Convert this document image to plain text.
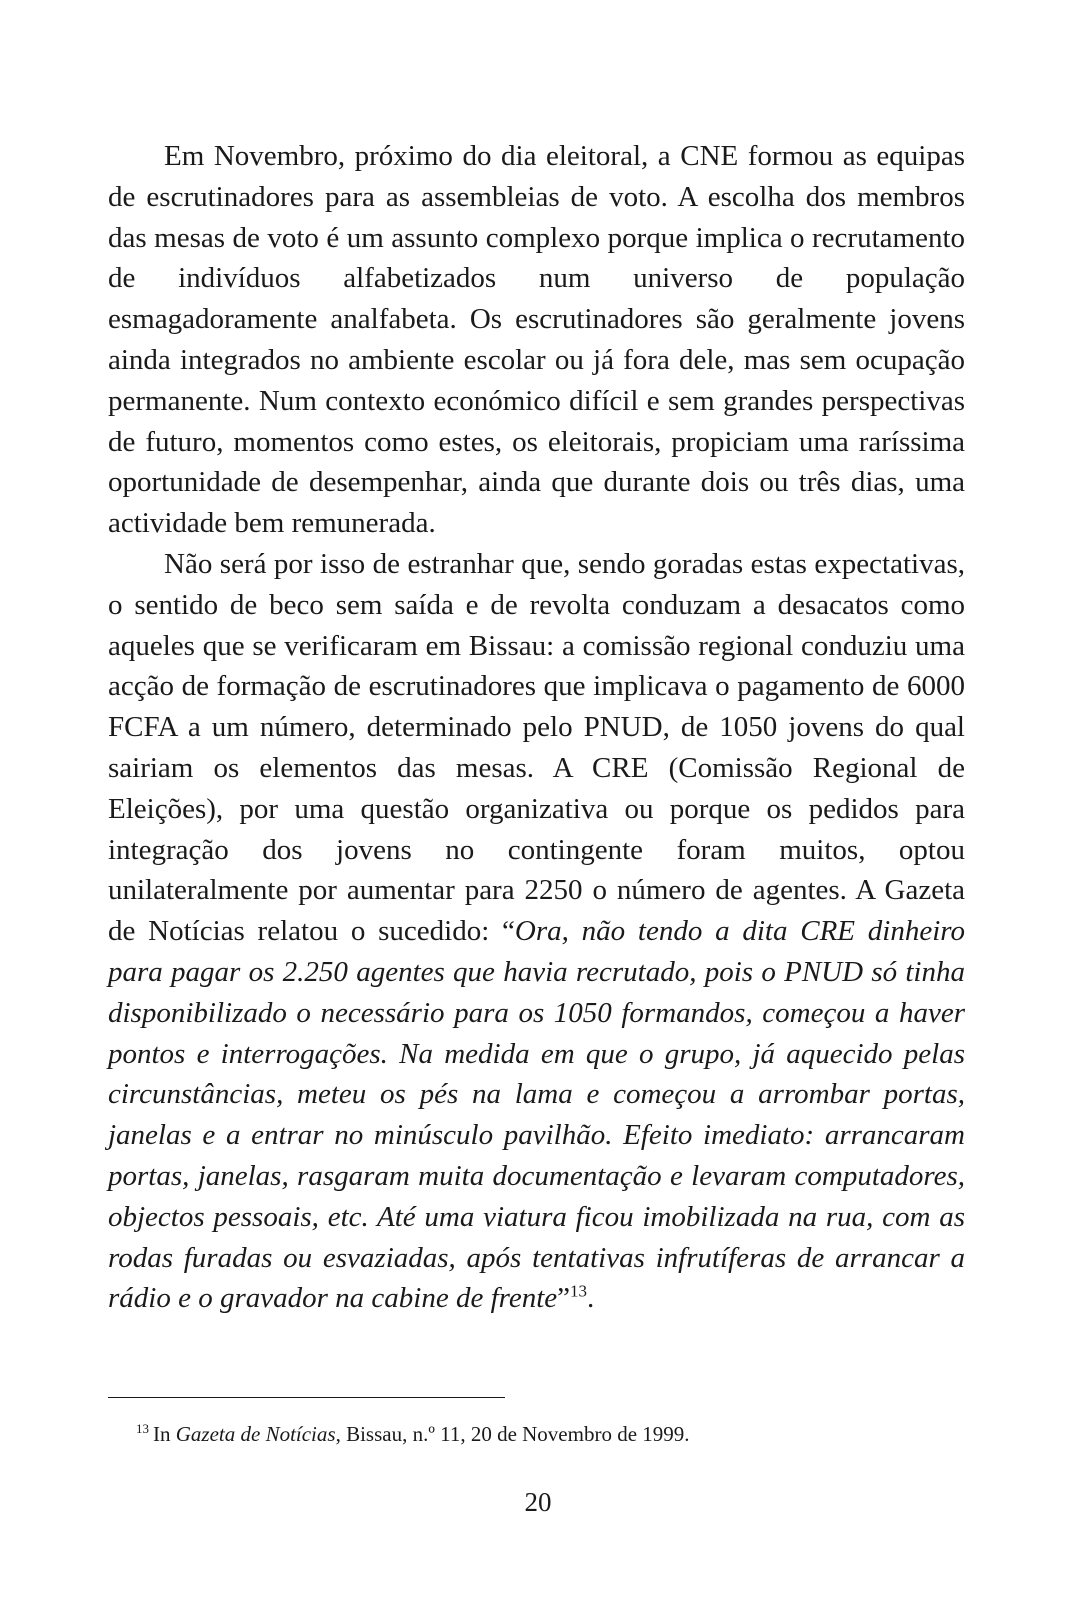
Em Novembro, próximo do dia eleitoral, a CNE formou as equipas de escrutinadores para as assembleias de voto. A escolha dos membros das mesas de voto é um assunto complexo porque implica o recrutamento de indivíduos alfabetizados num universo de população esmagadoramente analfabeta. Os escrutinadores são geralmente jovens ainda integrados no ambiente escolar ou já fora dele, mas sem ocupação permanente. Num contexto económico difícil e sem grandes perspectivas de futuro, momentos como estes, os eleitorais, propiciam uma raríssima oportunidade de desempenhar, ainda que durante dois ou três dias, uma actividade bem remunerada.

Não será por isso de estranhar que, sendo goradas estas expectativas, o sentido de beco sem saída e de revolta conduzam a desacatos como aqueles que se verificaram em Bissau: a comissão regional conduziu uma acção de formação de escrutinadores que implicava o pagamento de 6000 FCFA a um número, determinado pelo PNUD, de 1050 jovens do qual sairiam os elementos das mesas. A CRE (Comissão Regional de Eleições), por uma questão organizativa ou porque os pedidos para integração dos jovens no contingente foram muitos, optou unilateralmente por aumentar para 2250 o número de agentes. A Gazeta de Notícias relatou o sucedido: “Ora, não tendo a dita CRE dinheiro para pagar os 2.250 agentes que havia recrutado, pois o PNUD só tinha disponibilizado o necessário para os 1050 formandos, começou a haver pontos e interrogações. Na medida em que o grupo, já aquecido pelas circunstâncias, meteu os pés na lama e começou a arrombar portas, janelas e a entrar no minúsculo pavilhão. Efeito imediato: arrancaram portas, janelas, rasgaram muita documentação e levaram computadores, objectos pessoais, etc. Até uma viatura ficou imobilizada na rua, com as rodas furadas ou esvaziadas, após tentativas infrutíferas de arrancar a rádio e o gravador na cabine de frente”$^{13}$.

$^{13}$ In Gazeta de Notícias, Bissau, n.º 11, 20 de Novembro de 1999.
20
